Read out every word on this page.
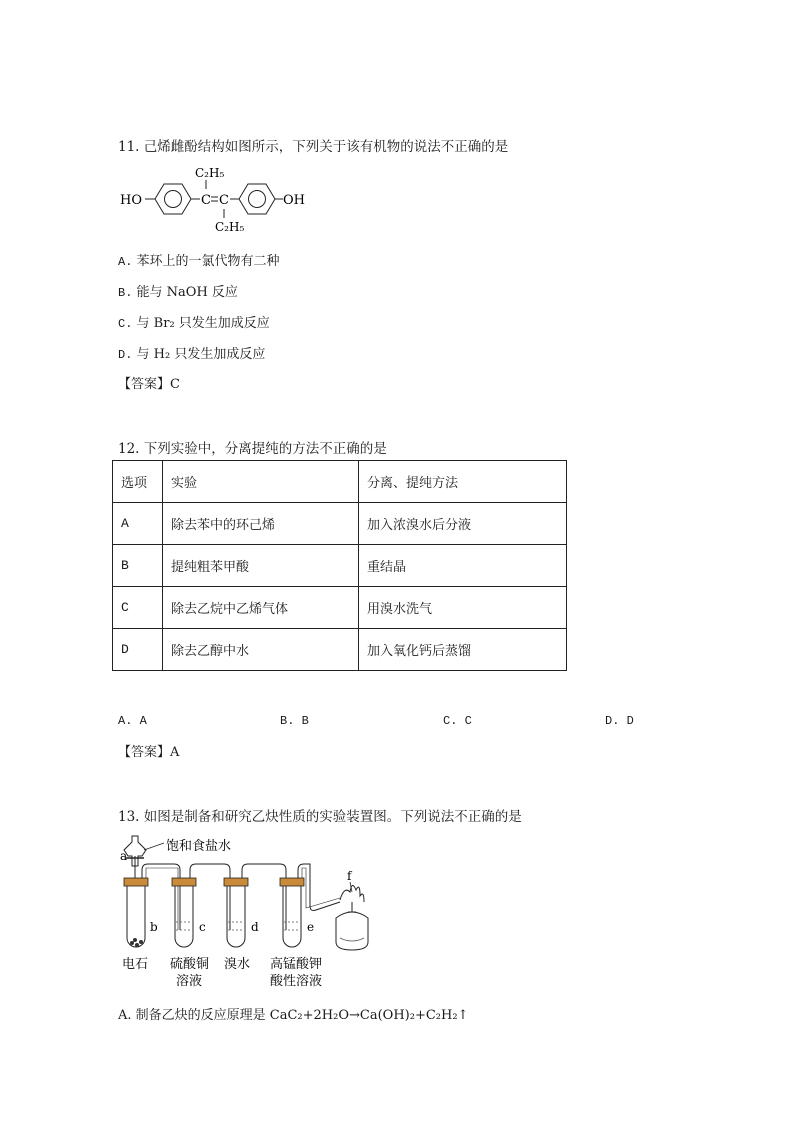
11. 己烯雌酚结构如图所示，下列关于该有机物的说法不正确的是
HO	C C
C=C
C₂H₅
C₂H₅
OH
A. 苯环上的一氯代物有二种
B. 能与 NaOH 反应
C. 与 Br₂ 只发生加成反应
D. 与 H₂ 只发生加成反应
【答案】C
12. 下列实验中，分离提纯的方法不正确的是
选项	实验	分离、提纯方法
A	除去苯中的环己烯	加入浓溴水后分液
B	提纯粗苯甲酸	重结晶
C	除去乙烷中乙烯气体	用溴水洗气
D	除去乙醇中水	加入氧化钙后蒸馏
A. A	B. B	C. C	D. D
【答案】A
13. 如图是制备和研究乙炔性质的实验装置图。下列说法不正确的是
a
饱和食盐水
b	c	d	e
f
电石 硫酸铜
溶液
溴水 高锰酸钾
酸性溶液
A. 制备乙炔的反应原理是 CaC₂+2H₂O→Ca(OH)₂+C₂H₂↑
